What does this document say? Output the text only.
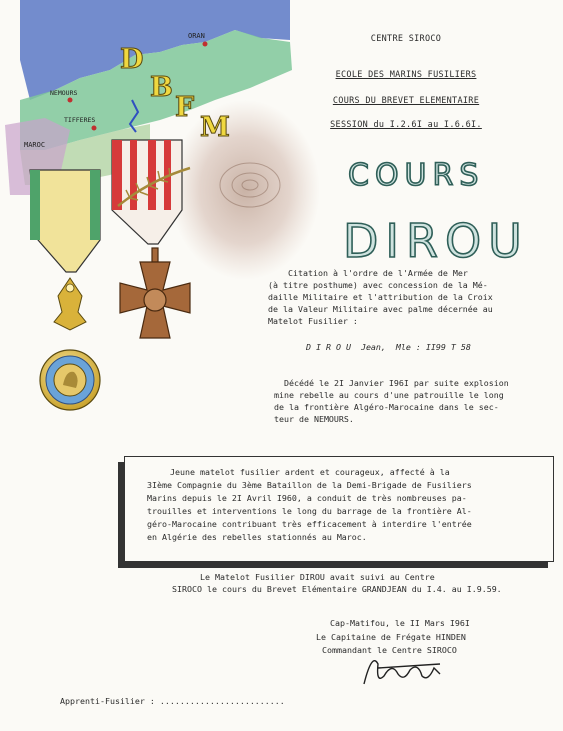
ORAN
NEMOURS
TIFFERES
MAROC
D
B
F
M
CENTRE SIROCO
ECOLE DES MARINS FUSILIERS
COURS DU BREVET ELEMENTAIRE
SESSION du I.2.6I au I.6.6I.
COURS
DIROU
Citation à l'ordre de l'Armée de Mer
(à titre posthume) avec concession de la Mé-
daille Militaire et l'attribution de la Croix
de la Valeur Militaire avec palme décernée au
Matelot Fusilier :
D I R O U  Jean,  Mle : II99 T 58
Décédé le 2I Janvier I96I par suite explosion
mine rebelle au cours d'une patrouille le long
de la frontière Algéro-Marocaine dans le sec-
teur de NEMOURS.
Jeune matelot fusilier ardent et courageux, affecté à la
3Ième Compagnie du 3ème Bataillon de la Demi-Brigade de Fusiliers
Marins depuis le 2I Avril I960, a conduit de très nombreuses pa-
trouilles et interventions le long du barrage de la frontière Al-
géro-Marocaine contribuant très efficacement à interdire l'entrée
en Algérie des rebelles stationnés au Maroc.
Le Matelot Fusilier DIROU avait suivi au Centre
SIROCO le cours du Brevet Elémentaire GRANDJEAN du I.4. au I.9.59.
Cap-Matifou, le II Mars I96I
Le Capitaine de Frégate HINDEN
Commandant le Centre SIROCO
Apprenti-Fusilier : .........................
